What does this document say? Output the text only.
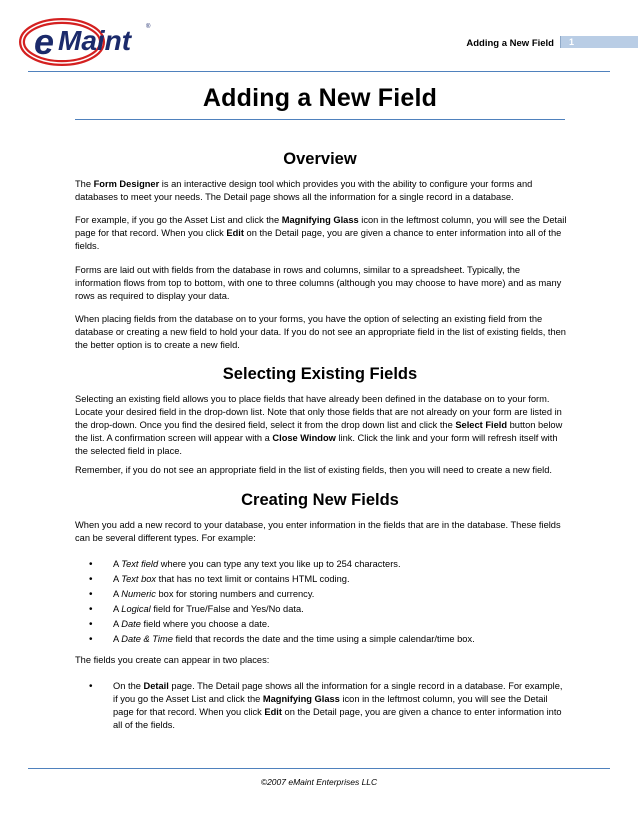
e Maint ®
Adding a New Field 1
Adding a New Field
Overview

The Form Designer is an interactive design tool which provides you with the ability to configure your forms and databases to meet your needs. The Detail page shows all the information for a single record in a database.

For example, if you go the Asset List and click the Magnifying Glass icon in the leftmost column, you will see the Detail page for that record. When you click Edit on the Detail page, you are given a chance to enter information into all of the fields.

Forms are laid out with fields from the database in rows and columns, similar to a spreadsheet. Typically, the information flows from top to bottom, with one to three columns (although you may choose to have more) and as many rows as required to display your data.

When placing fields from the database on to your forms, you have the option of selecting an existing field from the database or creating a new field to hold your data. If you do not see an appropriate field in the list of existing fields, then the better option is to create a new field.

Selecting Existing Fields

Selecting an existing field allows you to place fields that have already been defined in the database on to your form. Locate your desired field in the drop-down list. Note that only those fields that are not already on your form are listed in the drop-down. Once you find the desired field, select it from the drop down list and click the Select Field button below the list. A confirmation screen will appear with a Close Window link. Click the link and your form will refresh itself with the selected field in place.

Remember, if you do not see an appropriate field in the list of existing fields, then you will need to create a new field.

Creating New Fields

When you add a new record to your database, you enter information in the fields that are in the database. These fields can be several different types. For example:

• A Text field where you can type any text you like up to 254 characters.
• A Text box that has no text limit or contains HTML coding.
• A Numeric box for storing numbers and currency.
• A Logical field for True/False and Yes/No data.
• A Date field where you choose a date.
• A Date & Time field that records the date and the time using a simple calendar/time box.

The fields you create can appear in two places:

• On the Detail page. The Detail page shows all the information for a single record in a database. For example, if you go the Asset List and click the Magnifying Glass icon in the leftmost column, you will see the Detail page for that record. When you click Edit on the Detail page, you are given a chance to enter information into all of the fields.
©2007 eMaint Enterprises LLC
